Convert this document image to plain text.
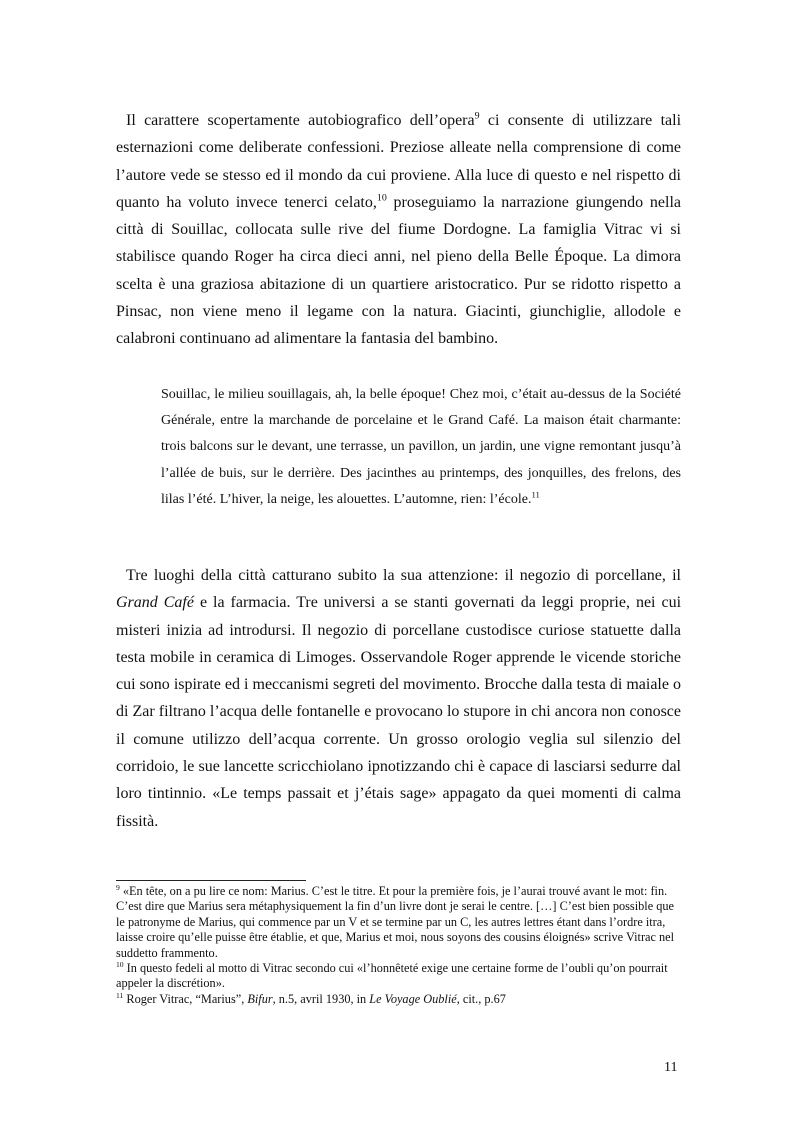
Il carattere scopertamente autobiografico dell’opera$^9$ ci consente di utilizzare tali esternazioni come deliberate confessioni. Preziose alleate nella comprensione di come l’autore vede se stesso ed il mondo da cui proviene. Alla luce di questo e nel rispetto di quanto ha voluto invece tenerci celato,$^{10}$ proseguiamo la narrazione giungendo nella città di Souillac, collocata sulle rive del fiume Dordogne. La famiglia Vitrac vi si stabilisce quando Roger ha circa dieci anni, nel pieno della Belle Époque. La dimora scelta è una graziosa abitazione di un quartiere aristocratico. Pur se ridotto rispetto a Pinsac, non viene meno il legame con la natura. Giacinti, giunchiglie, allodole e calabroni continuano ad alimentare la fantasia del bambino.

Souillac, le milieu souillagais, ah, la belle époque! Chez moi, c’était au-dessus de la Société Générale, entre la marchande de porcelaine et le Grand Café. La maison était charmante: trois balcons sur le devant, une terrasse, un pavillon, un jardin, une vigne remontant jusqu’à l’allée de buis, sur le derrière. Des jacinthes au printemps, des jonquilles, des frelons, des lilas l’été. L’hiver, la neige, les alouettes. L’automne, rien: l’école.$^{11}$

Tre luoghi della città catturano subito la sua attenzione: il negozio di porcellane, il Grand Café e la farmacia. Tre universi a se stanti governati da leggi proprie, nei cui misteri inizia ad introdursi. Il negozio di porcellane custodisce curiose statuette dalla testa mobile in ceramica di Limoges. Osservandole Roger apprende le vicende storiche cui sono ispirate ed i meccanismi segreti del movimento. Brocche dalla testa di maiale o di Zar filtrano l’acqua delle fontanelle e provocano lo stupore in chi ancora non conosce il comune utilizzo dell’acqua corrente. Un grosso orologio veglia sul silenzio del corridoio, le sue lancette scricchiolano ipnotizzando chi è capace di lasciarsi sedurre dal loro tintinnio. «Le temps passait et j’étais sage» appagato da quei momenti di calma fissità.

$^9$ «En tête, on a pu lire ce nom: Marius. C’est le titre. Et pour la première fois, je l’aurai trouvé avant le mot: fin. C’est dire que Marius sera métaphysiquement la fin d’un livre dont je serai le centre. […] C’est bien possible que le patronyme de Marius, qui commence par un V et se termine par un C, les autres lettres étant dans l’ordre itra, laisse croire qu’elle puisse être établie, et que, Marius et moi, nous soyons des cousins éloignés» scrive Vitrac nel suddetto frammento.

$^{10}$ In questo fedeli al motto di Vitrac secondo cui «l’honnêteté exige une certaine forme de l’oubli qu’on pourrait appeler la discrétion».

$^{11}$ Roger Vitrac, “Marius”, Bifur, n.5, avril 1930, in Le Voyage Oublié, cit., p.67

11
